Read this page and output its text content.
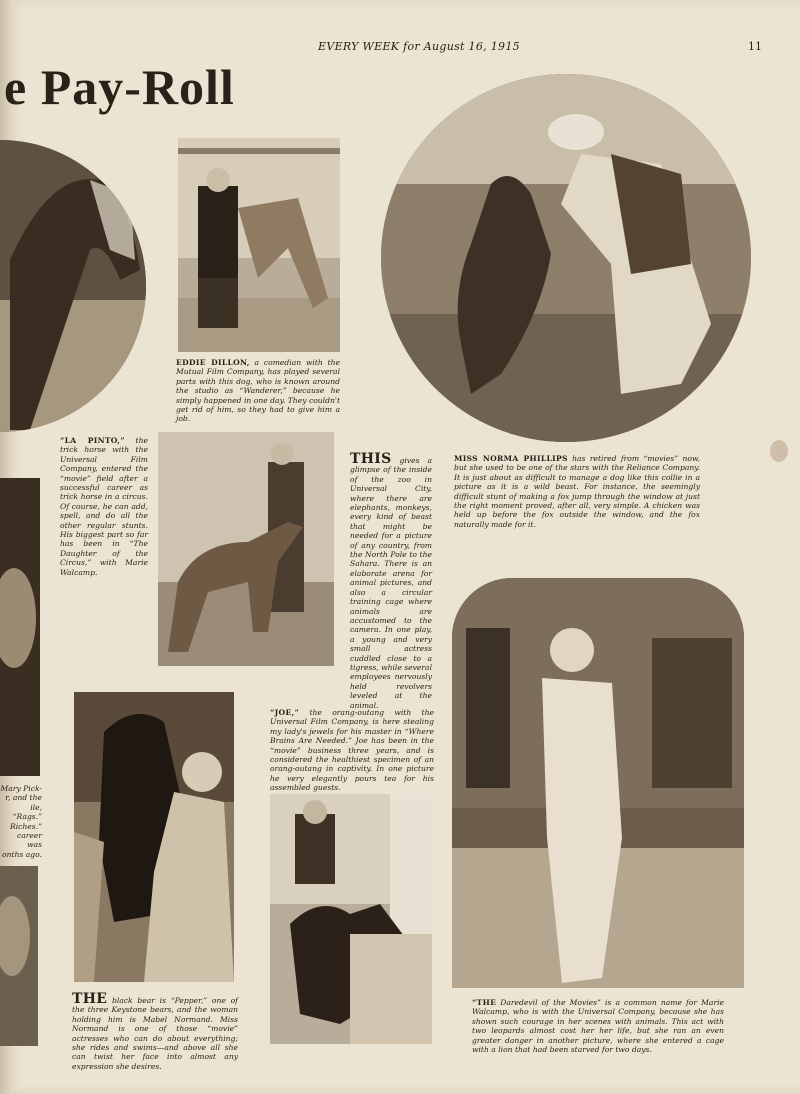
EVERY WEEK for August 16, 1915	11
e Pay-Roll
EDDIE DILLON, a comedian with the Mutual Film Company, has played several parts with this dog, who is known around the studio as “Wanderer,” because he simply happened in one day. They couldn't get rid of him, so they had to give him a job.
“LA PINTO,” the trick horse with the Universal Film Company, entered the “movie” field after a successful career as trick horse in a circus. Of course, he can add, spell, and do all the other regular stunts. His biggest part so far has been in “The Daughter of the Circus,” with Marie Walcamp.
THIS gives a glimpse of the inside of the zoo in Universal City, where there are elephants, monkeys, every kind of beast that might be needed for a picture of any country, from the North Pole to the Sahara. There is an elaborate arena for animal pictures, and also a circular training cage where animals are accustomed to the camera. In one play, a young and very small actress cuddled close to a tigress, while several employees nervously held revolvers leveled at the animal.
MISS NORMA PHILLIPS has retired from “movies” now, but she used to be one of the stars with the Reliance Company. It is just about as difficult to manage a dog like this collie in a picture as it is a wild beast. For instance, the seemingly difficult stunt of making a fox jump through the window at just the right moment proved, after all, very simple. A chicken was held up before the fox outside the window, and the fox naturally made for it.
Mary Pick-
r, and the
ile, “Rags.”
Riches.”
career was
onths ago.
“JOE,” the orang-outang with the Universal Film Company, is here stealing my lady's jewels for his master in “Where Brains Are Needed.” Joe has been in the “movie” business three years, and is considered the healthiest specimen of an orang-outang in captivity. In one picture he very elegantly pours tea for his assembled guests.
THE black bear is “Pepper,” one of the three Keystone bears, and the woman holding him is Mabel Normand. Miss Normand is one of those “movie” actresses who can do about everything; she rides and swims—and above all she can twist her face into almost any expression she desires.
“THE Daredevil of the Movies” is a common name for Marie Walcamp, who is with the Universal Company, because she has shown such courage in her scenes with animals. This act with two leopards almost cost her her life, but she ran an even greater danger in another picture, where she entered a cage with a lion that had been starved for two days.
